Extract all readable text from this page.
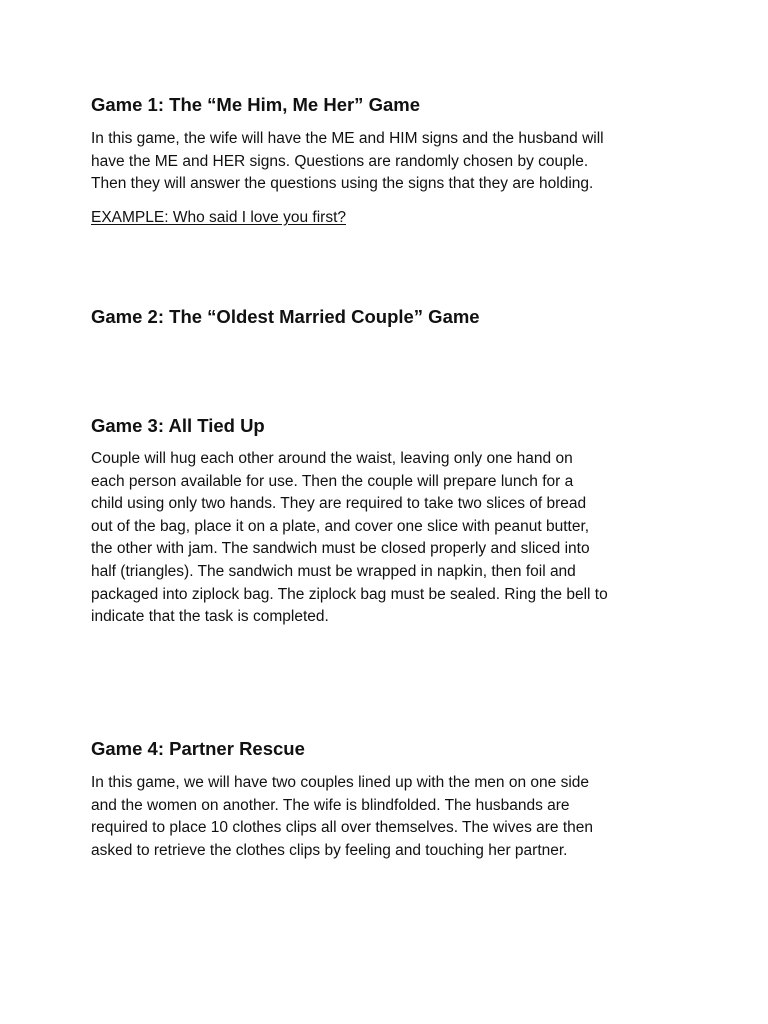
Game 1: The “Me Him, Me Her” Game

In this game, the wife will have the ME and HIM signs and the husband will
have the ME and HER signs. Questions are randomly chosen by couple.
Then they will answer the questions using the signs that they are holding.

EXAMPLE: Who said I love you first?

Game 2: The “Oldest Married Couple” Game
Game 3: All Tied Up

Couple will hug each other around the waist, leaving only one hand on
each person available for use. Then the couple will prepare lunch for a
child using only two hands. They are required to take two slices of bread
out of the bag, place it on a plate, and cover one slice with peanut butter,
the other with jam. The sandwich must be closed properly and sliced into
half (triangles). The sandwich must be wrapped in napkin, then foil and
packaged into ziplock bag. The ziplock bag must be sealed. Ring the bell to
indicate that the task is completed.

Game 4: Partner Rescue

In this game, we will have two couples lined up with the men on one side
and the women on another. The wife is blindfolded. The husbands are
required to place 10 clothes clips all over themselves. The wives are then
asked to retrieve the clothes clips by feeling and touching her partner.
